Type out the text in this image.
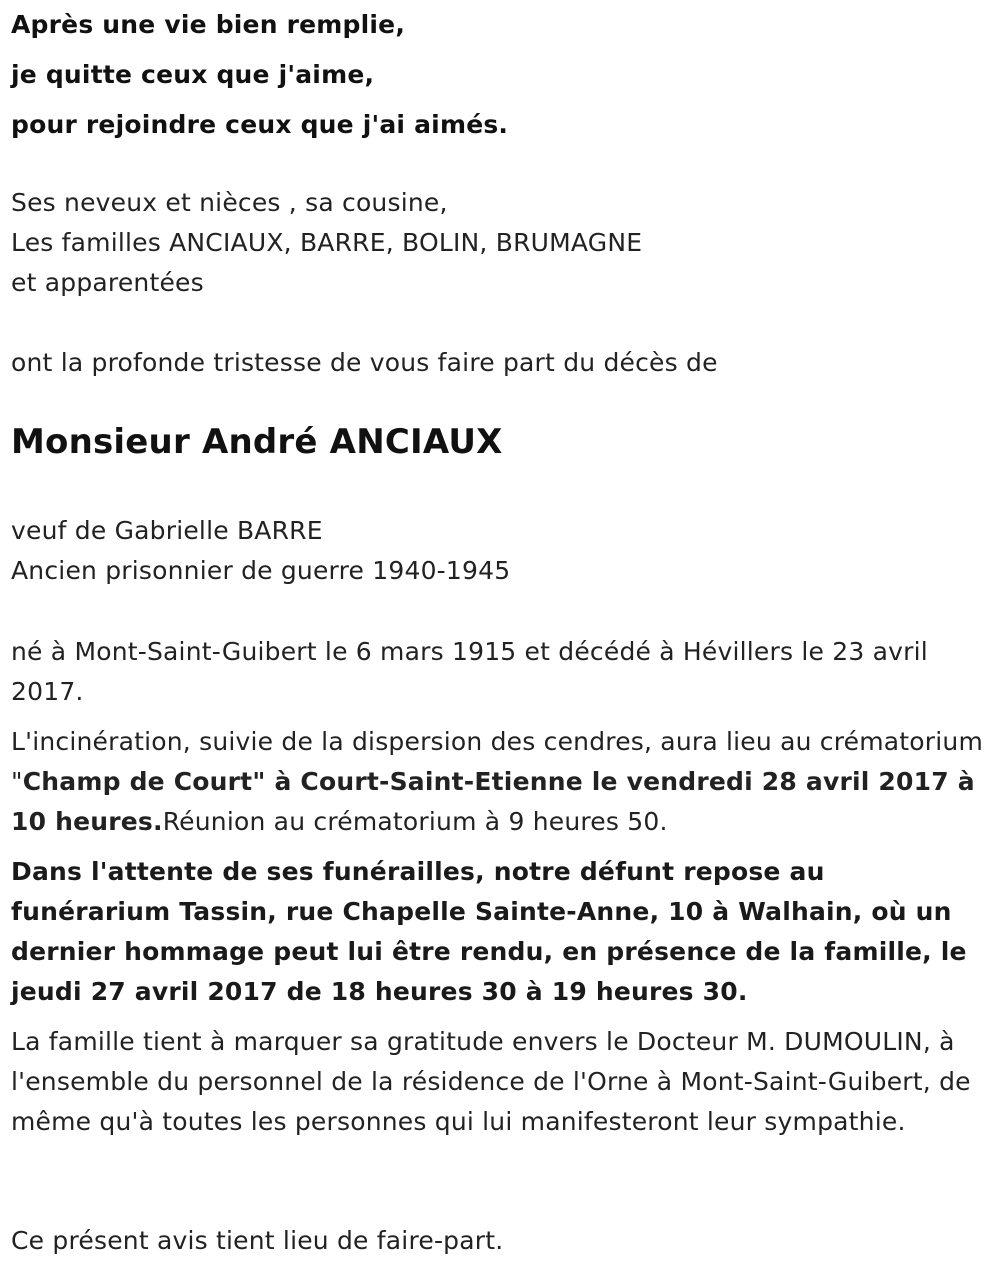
Après une vie bien remplie,

je quitte ceux que j'aime,

pour rejoindre ceux que j'ai aimés.

Ses neveux et nièces , sa cousine,

Les familles ANCIAUX, BARRE, BOLIN, BRUMAGNE

et apparentées

ont la profonde tristesse de vous faire part du décès de

Monsieur André ANCIAUX

veuf de Gabrielle BARRE

Ancien prisonnier de guerre 1940-1945

né à Mont-Saint-Guibert le 6 mars 1915 et décédé à Hévillers le 23 avril 2017.

L'incinération, suivie de la dispersion des cendres, aura lieu au crématorium "Champ de Court" à Court-Saint-Etienne le vendredi 28 avril 2017 à 10 heures.Réunion au crématorium à 9 heures 50.

Dans l'attente de ses funérailles, notre défunt repose au funérarium Tassin, rue Chapelle Sainte-Anne, 10 à Walhain, où un dernier hommage peut lui être rendu, en présence de la famille, le jeudi 27 avril 2017 de 18 heures 30 à 19 heures 30.

La famille tient à marquer sa gratitude envers le Docteur M. DUMOULIN, à l'ensemble du personnel de la résidence de l'Orne à Mont-Saint-Guibert, de même qu'à toutes les personnes qui lui manifesteront leur sympathie.

Ce présent avis tient lieu de faire-part.
